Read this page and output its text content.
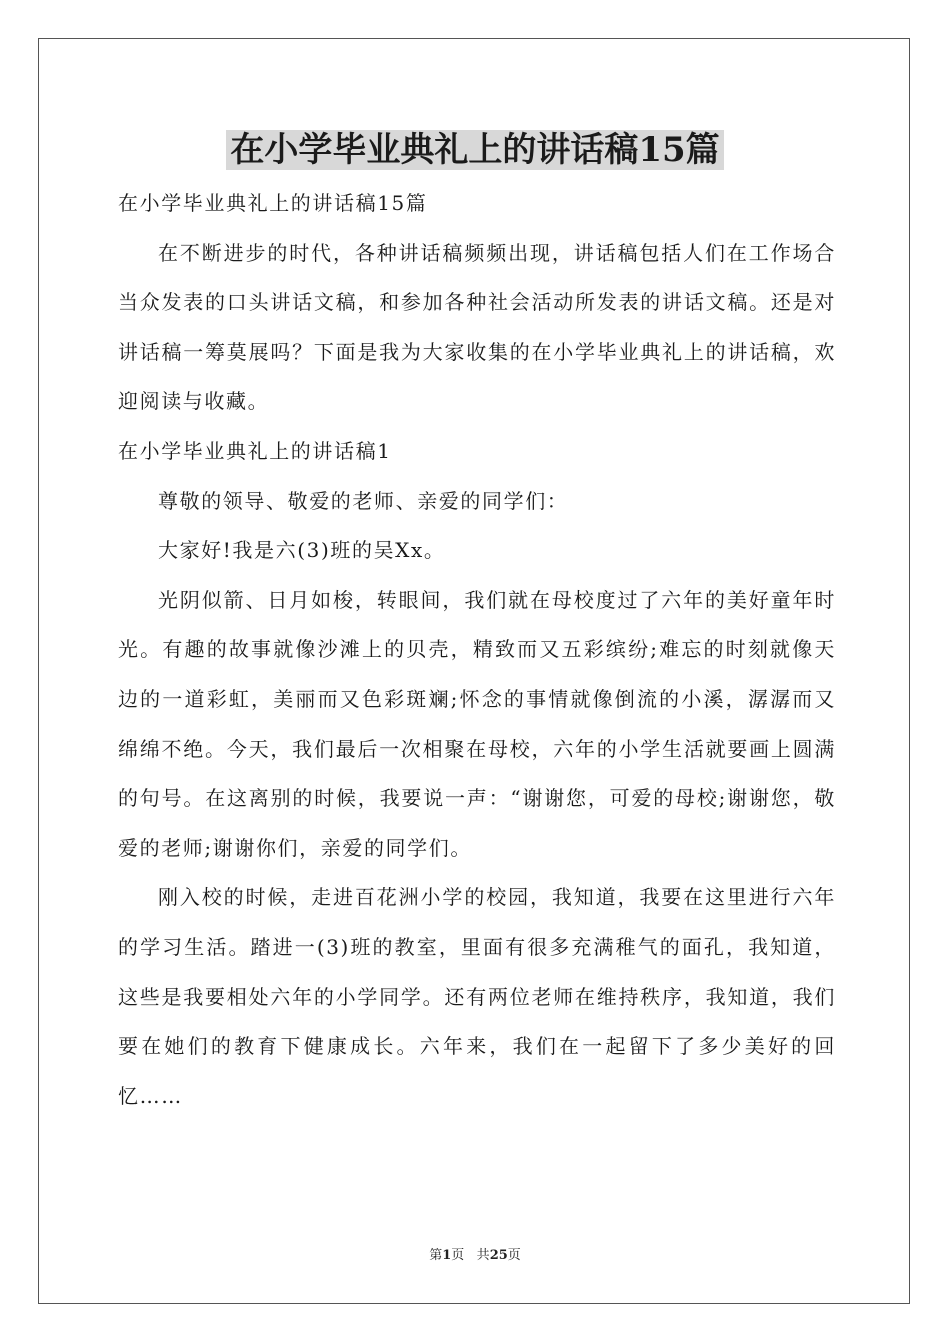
在小学毕业典礼上的讲话稿15篇

在小学毕业典礼上的讲话稿15篇

在不断进步的时代，各种讲话稿频频出现，讲话稿包括人们在工作场合当众发表的口头讲话文稿，和参加各种社会活动所发表的讲话文稿。还是对讲话稿一筹莫展吗？下面是我为大家收集的在小学毕业典礼上的讲话稿，欢迎阅读与收藏。

在小学毕业典礼上的讲话稿1

尊敬的领导、敬爱的老师、亲爱的同学们：

大家好!我是六(3)班的吴Xx。

光阴似箭、日月如梭，转眼间，我们就在母校度过了六年的美好童年时光。有趣的故事就像沙滩上的贝壳，精致而又五彩缤纷;难忘的时刻就像天边的一道彩虹，美丽而又色彩斑斓;怀念的事情就像倒流的小溪，潺潺而又绵绵不绝。今天，我们最后一次相聚在母校，六年的小学生活就要画上圆满的句号。在这离别的时候，我要说一声：“谢谢您，可爱的母校;谢谢您，敬爱的老师;谢谢你们，亲爱的同学们。

刚入校的时候，走进百花洲小学的校园，我知道，我要在这里进行六年的学习生活。踏进一(3)班的教室，里面有很多充满稚气的面孔，我知道，这些是我要相处六年的小学同学。还有两位老师在维持秩序，我知道，我们要在她们的教育下健康成长。六年来，我们在一起留下了多少美好的回忆……

第1页 共25页
